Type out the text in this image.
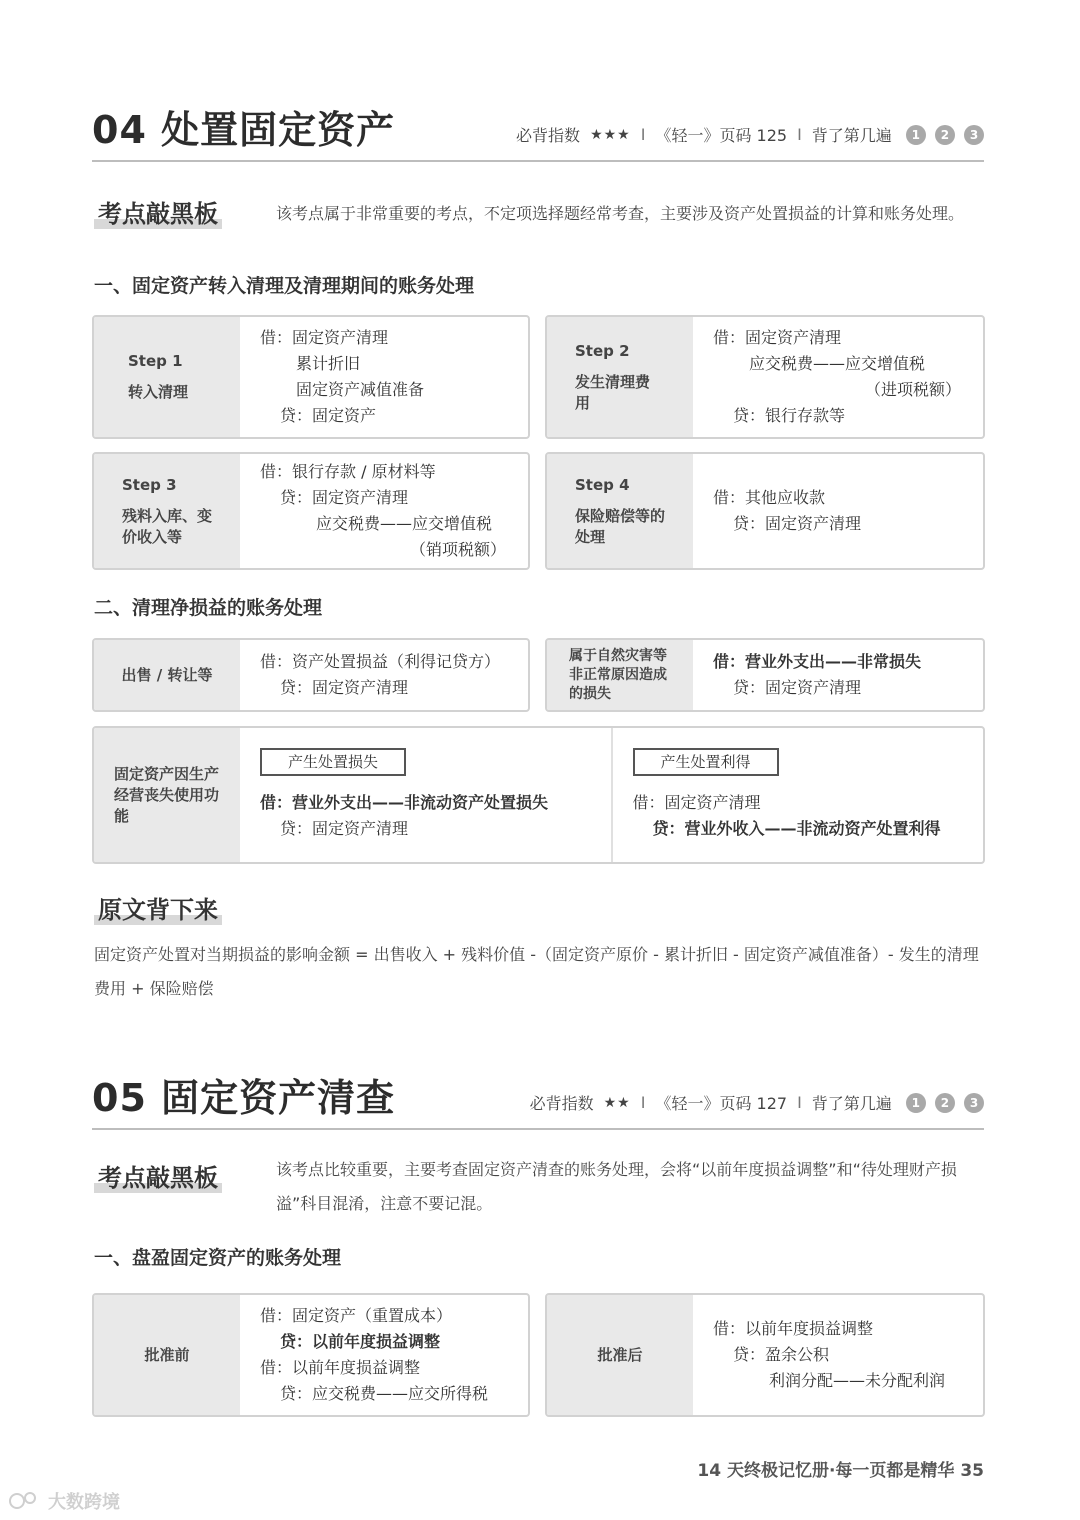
04 处置固定资产	必背指数 ★★★ I 《轻一》页码 125 I 背了第几遍	1 2 3
考点敲黑板	该考点属于非常重要的考点，不定项选择题经常考查，主要涉及资产处置损益的计算和账务处理。
一、固定资产转入清理及清理期间的账务处理
Step 1
转入清理
借：固定资产清理
累计折旧
固定资产减值准备
贷：固定资产
Step 2
发生清理费用
借：固定资产清理
应交税费——应交增值税
（进项税额）
贷：银行存款等
Step 3
残料入库、变价收入等
借：银行存款 / 原材料等
贷：固定资产清理
应交税费——应交增值税
（销项税额）
Step 4
保险赔偿等的处理
借：其他应收款
贷：固定资产清理
二、清理净损益的账务处理
出售 / 转让等
借：资产处置损益（利得记贷方）
贷：固定资产清理
属于自然灾害等非正常原因造成的损失
借：营业外支出——非常损失
贷：固定资产清理
固定资产因生产经营丧失使用功能
产生处置损失
借：营业外支出——非流动资产处置损失
贷：固定资产清理
产生处置利得
借：固定资产清理
贷：营业外收入——非流动资产处置利得
原文背下来
固定资产处置对当期损益的影响金额 = 出售收入 + 残料价值 -（固定资产原价 - 累计折旧 - 固定资产减值准备）- 发生的清理费用 + 保险赔偿
05 固定资产清查	必背指数 ★★ I 《轻一》页码 127 I 背了第几遍	1 2 3
考点敲黑板	该考点比较重要，主要考查固定资产清查的账务处理，会将“以前年度损益调整”和“待处理财产损溢”科目混淆，注意不要记混。
一、盘盈固定资产的账务处理
批准前
借：固定资产（重置成本）
贷：以前年度损益调整
借：以前年度损益调整
贷：应交税费——应交所得税
批准后
借：以前年度损益调整
贷：盈余公积
利润分配——未分配利润
14 天终极记忆册·每一页都是精华 35
大数跨境
